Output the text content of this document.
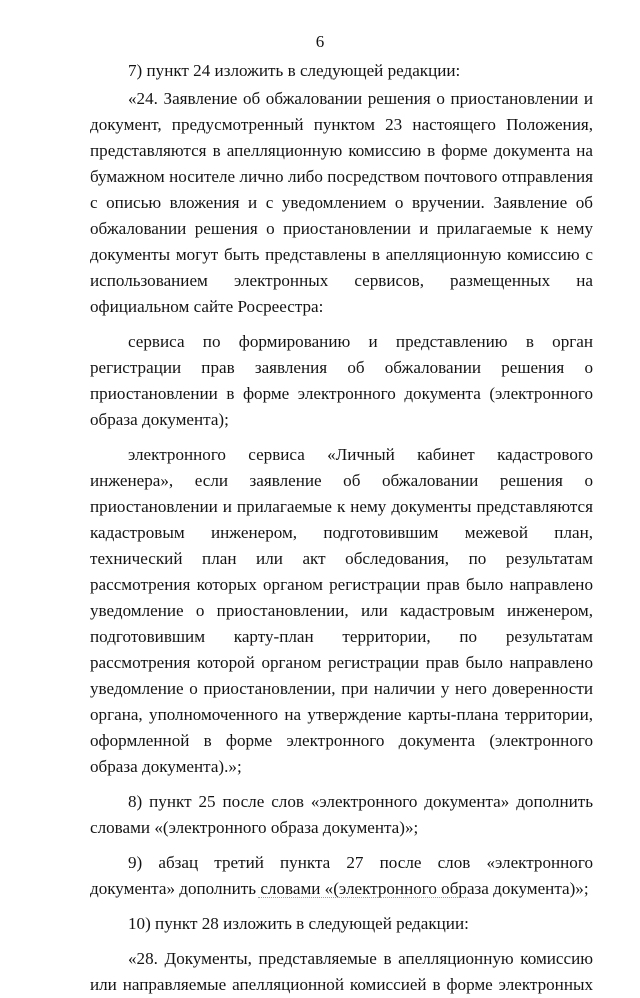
6

7) пункт 24 изложить в следующей редакции:

«24. Заявление об обжаловании решения о приостановлении и документ, предусмотренный пунктом 23 настоящего Положения, представляются в апелляционную комиссию в форме документа на бумажном носителе лично либо посредством почтового отправления с описью вложения и с уведомлением о вручении. Заявление об обжаловании решения о приостановлении и прилагаемые к нему документы могут быть представлены в апелляционную комиссию с использованием электронных сервисов, размещенных на официальном сайте Росреестра:

сервиса по формированию и представлению в орган регистрации прав заявления об обжаловании решения о приостановлении в форме электронного документа (электронного образа документа);

электронного сервиса «Личный кабинет кадастрового инженера», если заявление об обжаловании решения о приостановлении и прилагаемые к нему документы представляются кадастровым инженером, подготовившим межевой план, технический план или акт обследования, по результатам рассмотрения которых органом регистрации прав было направлено уведомление о приостановлении, или кадастровым инженером, подготовившим карту-план территории, по результатам рассмотрения которой органом регистрации прав было направлено уведомление о приостановлении, при наличии у него доверенности органа, уполномоченного на утверждение карты-плана территории, оформленной в форме электронного документа (электронного образа документа).»;

8) пункт 25 после слов «электронного документа» дополнить словами «(электронного образа документа)»;

9) абзац третий пункта 27 после слов «электронного документа» дополнить словами «(электронного образа документа)»;

10) пункт 28 изложить в следующей редакции:

«28. Документы, представляемые в апелляционную комиссию или направляемые апелляционной комиссией в форме электронных
